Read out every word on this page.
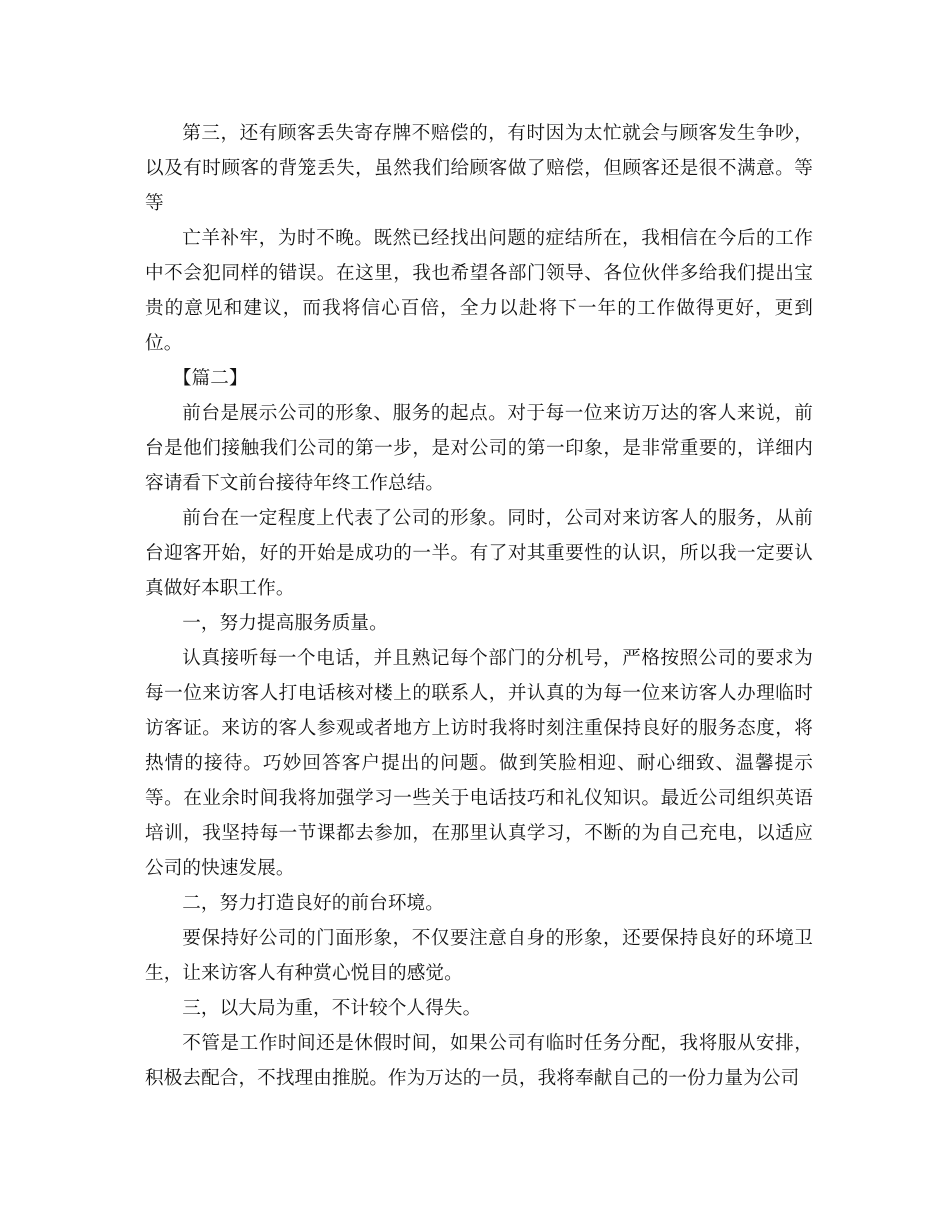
第三，还有顾客丢失寄存牌不赔偿的，有时因为太忙就会与顾客发生争吵，以及有时顾客的背笼丢失，虽然我们给顾客做了赔偿，但顾客还是很不满意。等等

亡羊补牢，为时不晚。既然已经找出问题的症结所在，我相信在今后的工作中不会犯同样的错误。在这里，我也希望各部门领导、各位伙伴多给我们提出宝贵的意见和建议，而我将信心百倍，全力以赴将下一年的工作做得更好，更到位。

【篇二】

前台是展示公司的形象、服务的起点。对于每一位来访万达的客人来说，前台是他们接触我们公司的第一步，是对公司的第一印象，是非常重要的，详细内容请看下文前台接待年终工作总结。

前台在一定程度上代表了公司的形象。同时，公司对来访客人的服务，从前台迎客开始，好的开始是成功的一半。有了对其重要性的认识，所以我一定要认真做好本职工作。

一，努力提高服务质量。

认真接听每一个电话，并且熟记每个部门的分机号，严格按照公司的要求为每一位来访客人打电话核对楼上的联系人，并认真的为每一位来访客人办理临时访客证。来访的客人参观或者地方上访时我将时刻注重保持良好的服务态度，将热情的接待。巧妙回答客户提出的问题。做到笑脸相迎、耐心细致、温馨提示等。在业余时间我将加强学习一些关于电话技巧和礼仪知识。最近公司组织英语培训，我坚持每一节课都去参加，在那里认真学习，不断的为自己充电，以适应公司的快速发展。

二，努力打造良好的前台环境。

要保持好公司的门面形象，不仅要注意自身的形象，还要保持良好的环境卫生，让来访客人有种赏心悦目的感觉。

三，以大局为重，不计较个人得失。

不管是工作时间还是休假时间，如果公司有临时任务分配，我将服从安排，积极去配合，不找理由推脱。作为万达的一员，我将奉献自己的一份力量为公司
